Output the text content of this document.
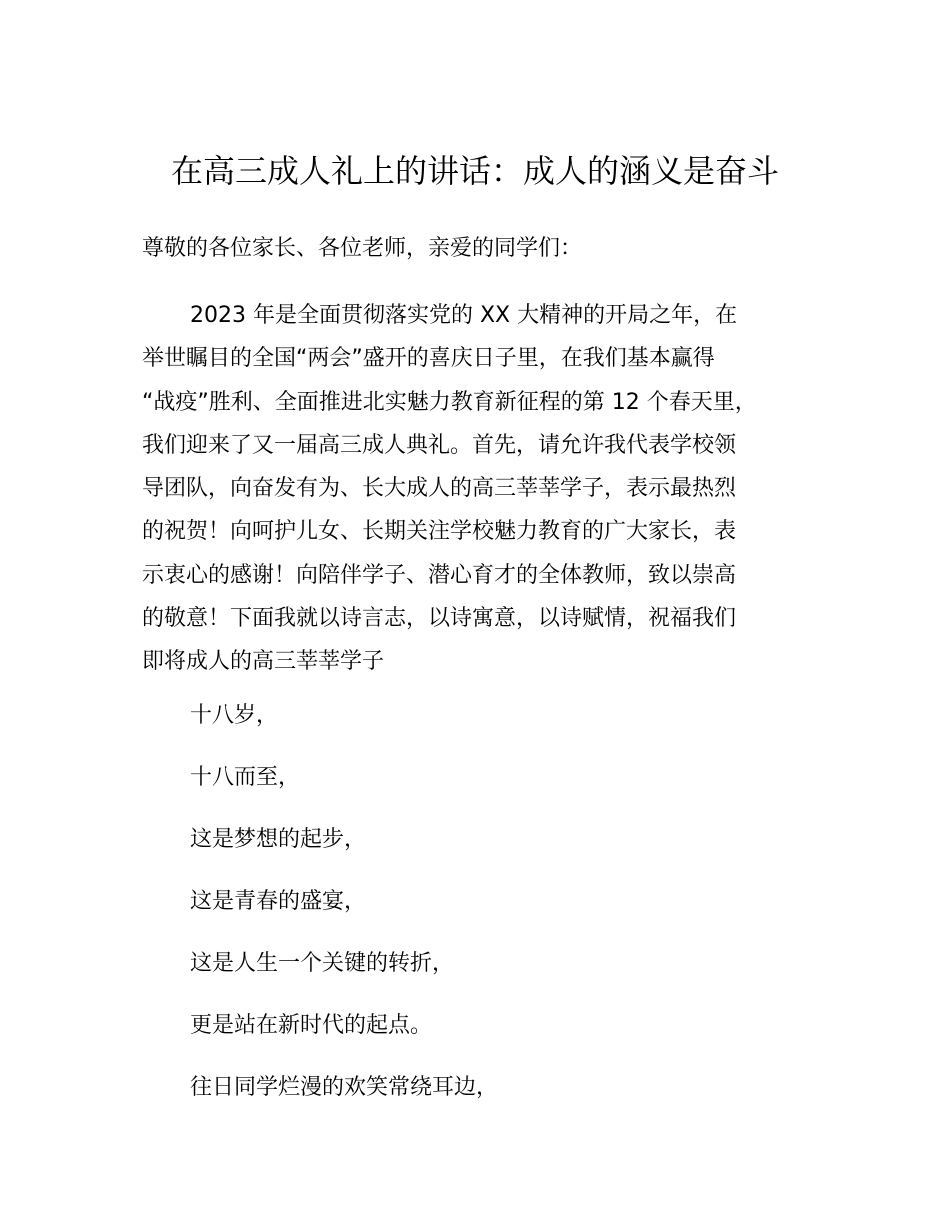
在高三成人礼上的讲话：成人的涵义是奋斗
尊敬的各位家长、各位老师，亲爱的同学们：
2023 年是全面贯彻落实党的 XX 大精神的开局之年，在
举世瞩目的全国“两会”盛开的喜庆日子里，在我们基本赢得
“战疫”胜利、全面推进北实魅力教育新征程的第 12 个春天里，
我们迎来了又一届高三成人典礼。首先，请允许我代表学校领
导团队，向奋发有为、长大成人的高三莘莘学子，表示最热烈
的祝贺！向呵护儿女、长期关注学校魅力教育的广大家长，表
示衷心的感谢！向陪伴学子、潜心育才的全体教师，致以崇高
的敬意！下面我就以诗言志，以诗寓意，以诗赋情，祝福我们
即将成人的高三莘莘学子
十八岁，
十八而至，
这是梦想的起步，
这是青春的盛宴，
这是人生一个关键的转折，
更是站在新时代的起点。
往日同学烂漫的欢笑常绕耳边，
